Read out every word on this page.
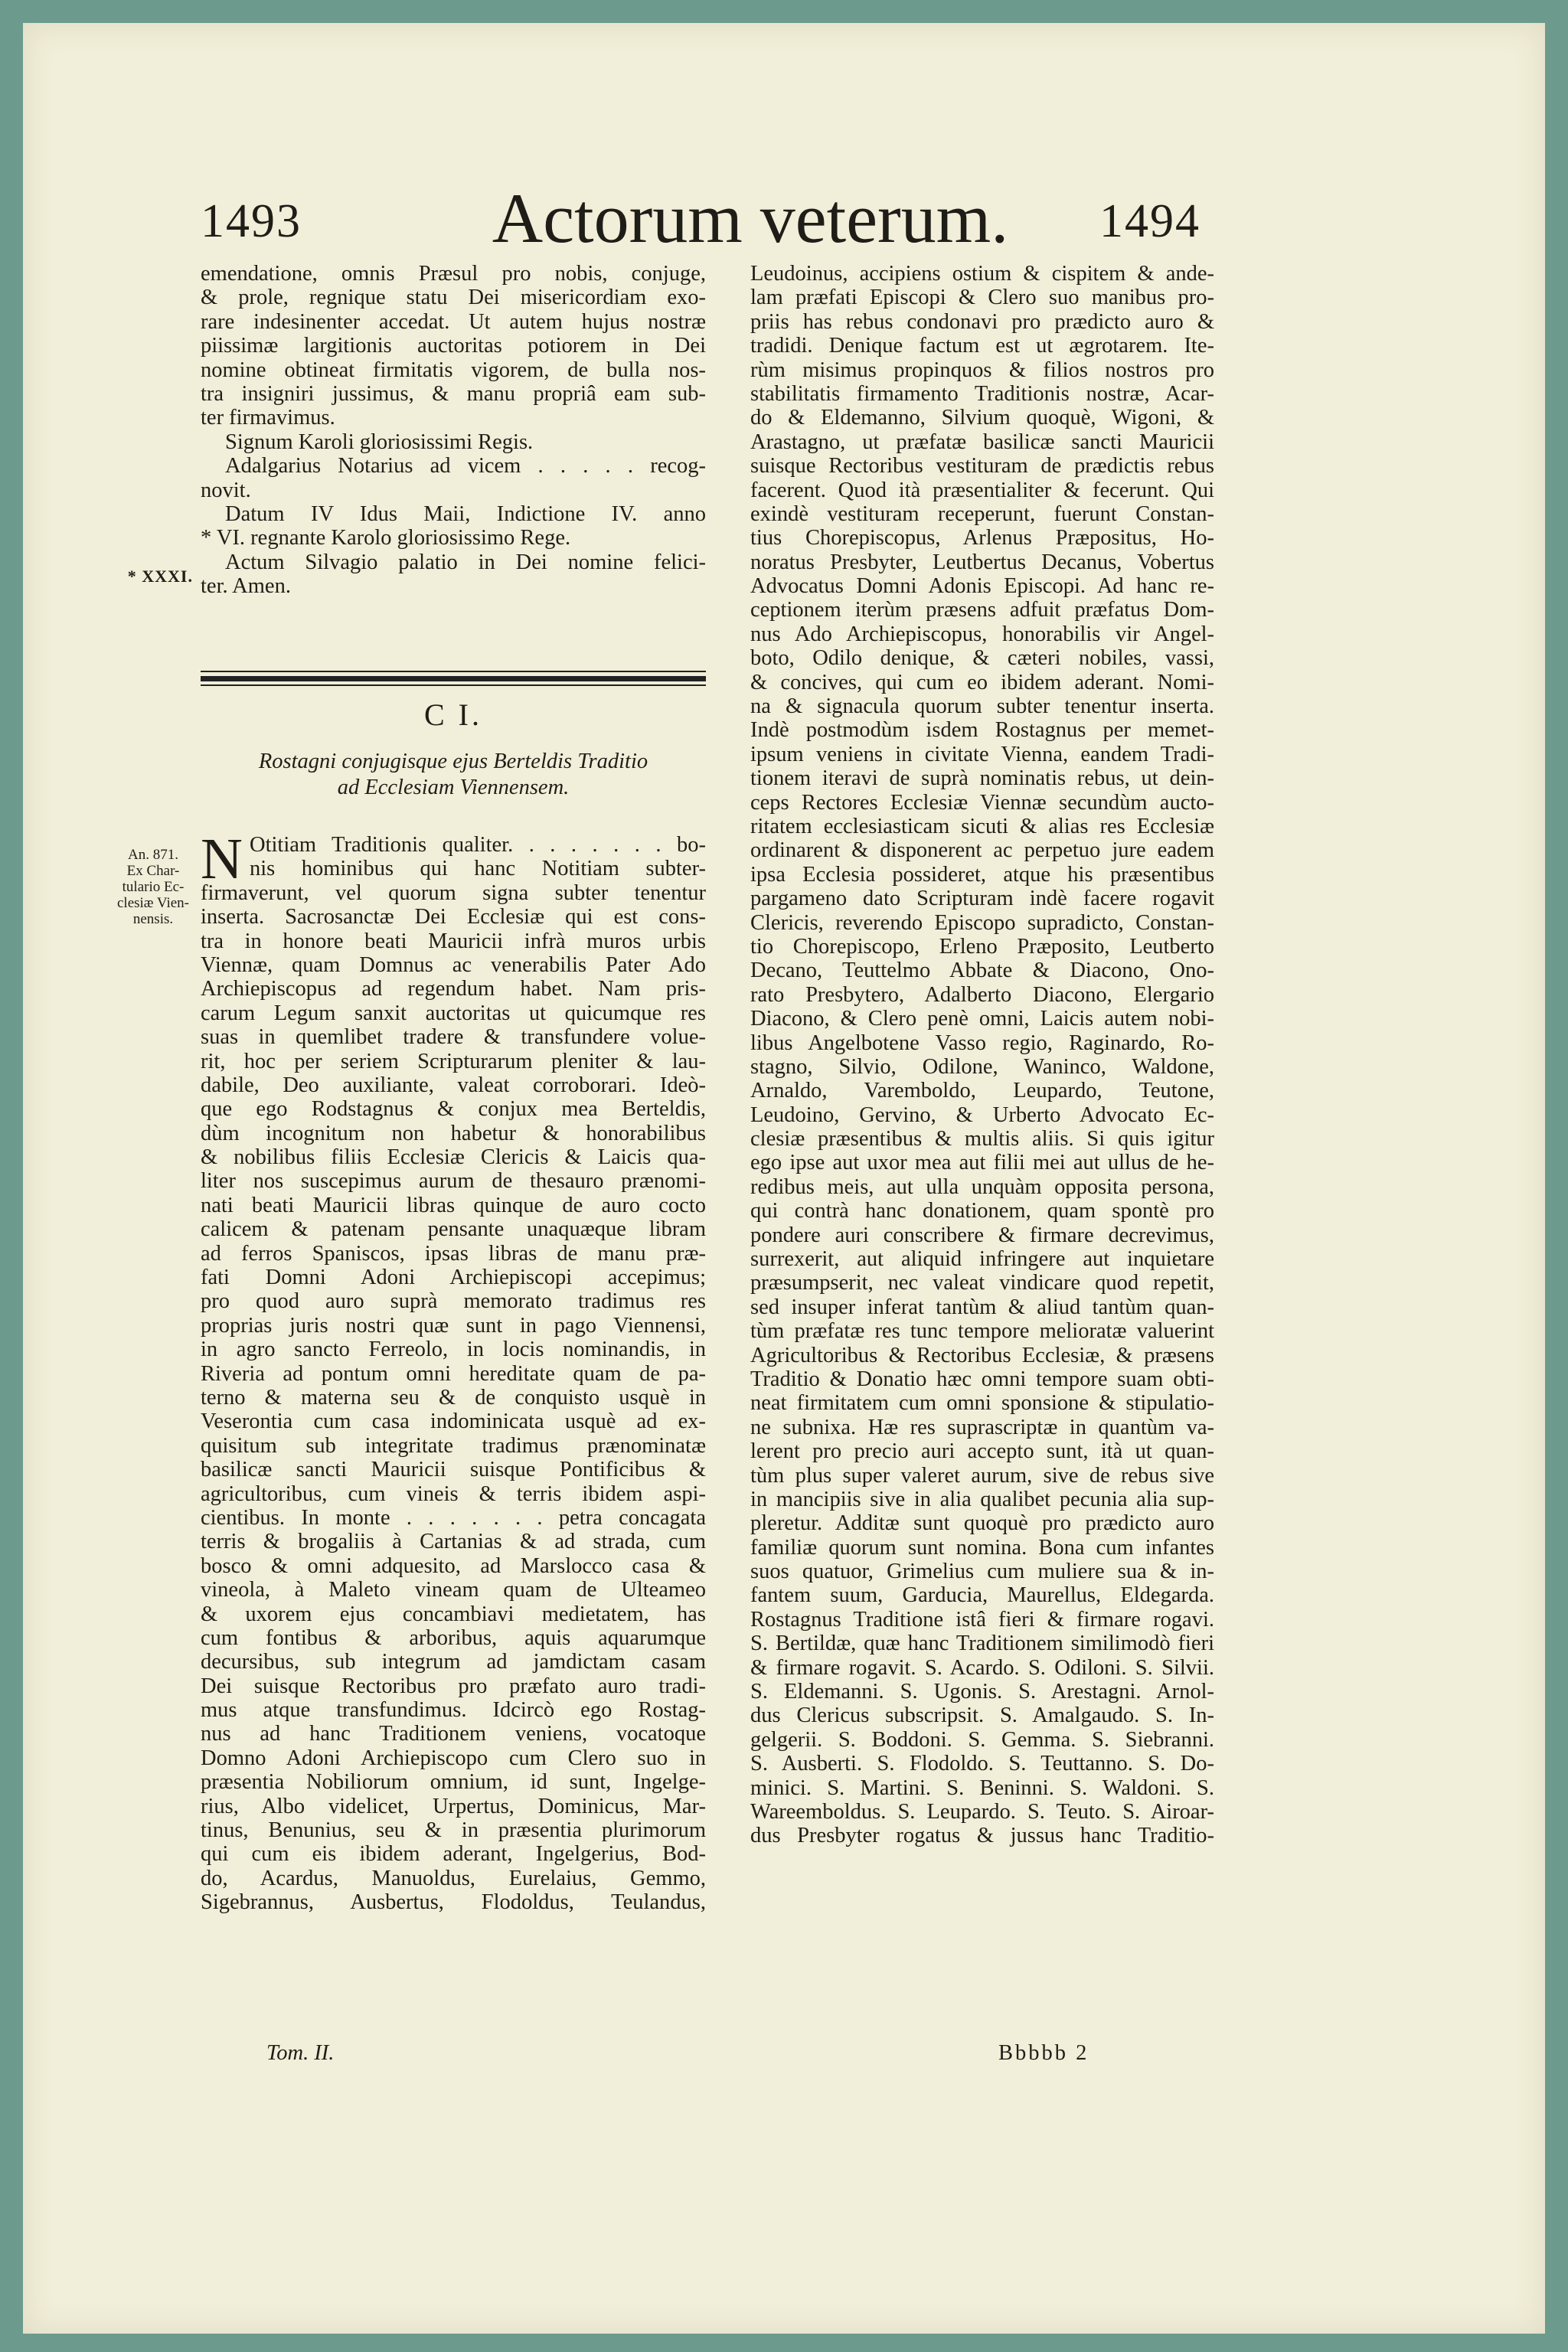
1493	Actorum veterum.	1494
* XXXI.
An. 871.
Ex Char-
tulario Ec-
clesiæ Vien-
nensis.
emendatione, omnis Præsul pro nobis, conjuge,
& prole, regnique statu Dei misericordiam exo-
rare indesinenter accedat. Ut autem hujus nostræ
piissimæ largitionis auctoritas potiorem in Dei
nomine obtineat firmitatis vigorem, de bulla nos-
tra insigniri jussimus, & manu propriâ eam sub-
ter firmavimus.
Signum Karoli gloriosissimi Regis.
Adalgarius Notarius ad vicem . . . . . recog-
novit.
Datum IV Idus Maii, Indictione IV. anno
* VI. regnante Karolo gloriosissimo Rege.
Actum Silvagio palatio in Dei nomine felici-
ter. Amen.
C I.
Rostagni conjugisque ejus Berteldis Traditio
ad Ecclesiam Viennensem.
N Otitiam Traditionis qualiter. . . . . . . . bo-
nis hominibus qui hanc Notitiam subter-
firmaverunt, vel quorum signa subter tenentur
inserta. Sacrosanctæ Dei Ecclesiæ qui est cons-
tra in honore beati Mauricii infrà muros urbis
Viennæ, quam Domnus ac venerabilis Pater Ado
Archiepiscopus ad regendum habet. Nam pris-
carum Legum sanxit auctoritas ut quicumque res
suas in quemlibet tradere & transfundere volue-
rit, hoc per seriem Scripturarum pleniter & lau-
dabile, Deo auxiliante, valeat corroborari. Ideò-
que ego Rodstagnus & conjux mea Berteldis,
dùm incognitum non habetur & honorabilibus
& nobilibus filiis Ecclesiæ Clericis & Laicis qua-
liter nos suscepimus aurum de thesauro prænomi-
nati beati Mauricii libras quinque de auro cocto
calicem & patenam pensante unaquæque libram
ad ferros Spaniscos, ipsas libras de manu præ-
fati Domni Adoni Archiepiscopi accepimus;
pro quod auro suprà memorato tradimus res
proprias juris nostri quæ sunt in pago Viennensi,
in agro sancto Ferreolo, in locis nominandis, in
Riveria ad pontum omni hereditate quam de pa-
terno & materna seu & de conquisto usquè in
Veserontia cum casa indominicata usquè ad ex-
quisitum sub integritate tradimus prænominatæ
basilicæ sancti Mauricii suisque Pontificibus &
agricultoribus, cum vineis & terris ibidem aspi-
cientibus. In monte . . . . . . . petra concagata
terris & brogaliis à Cartanias & ad strada, cum
bosco & omni adquesito, ad Marslocco casa &
vineola, à Maleto vineam quam de Ulteameo
& uxorem ejus concambiavi medietatem, has
cum fontibus & arboribus, aquis aquarumque
decursibus, sub integrum ad jamdictam casam
Dei suisque Rectoribus pro præfato auro tradi-
mus atque transfundimus. Idcircò ego Rostag-
nus ad hanc Traditionem veniens, vocatoque
Domno Adoni Archiepiscopo cum Clero suo in
præsentia Nobiliorum omnium, id sunt, Ingelge-
rius, Albo videlicet, Urpertus, Dominicus, Mar-
tinus, Benunius, seu & in præsentia plurimorum
qui cum eis ibidem aderant, Ingelgerius, Bod-
do, Acardus, Manuoldus, Eurelaius, Gemmo,
Sigebrannus, Ausbertus, Flodoldus, Teulandus,
Leudoinus, accipiens ostium & cispitem & ande-
lam præfati Episcopi & Clero suo manibus pro-
priis has rebus condonavi pro prædicto auro &
tradidi. Denique factum est ut ægrotarem. Ite-
rùm misimus propinquos & filios nostros pro
stabilitatis firmamento Traditionis nostræ, Acar-
do & Eldemanno, Silvium quoquè, Wigoni, &
Arastagno, ut præfatæ basilicæ sancti Mauricii
suisque Rectoribus vestituram de prædictis rebus
facerent. Quod ità præsentialiter & fecerunt. Qui
exindè vestituram receperunt, fuerunt Constan-
tius Chorepiscopus, Arlenus Præpositus, Ho-
noratus Presbyter, Leutbertus Decanus, Vobertus
Advocatus Domni Adonis Episcopi. Ad hanc re-
ceptionem iterùm præsens adfuit præfatus Dom-
nus Ado Archiepiscopus, honorabilis vir Angel-
boto, Odilo denique, & cæteri nobiles, vassi,
& concives, qui cum eo ibidem aderant. Nomi-
na & signacula quorum subter tenentur inserta.
Indè postmodùm isdem Rostagnus per memet-
ipsum veniens in civitate Vienna, eandem Tradi-
tionem iteravi de suprà nominatis rebus, ut dein-
ceps Rectores Ecclesiæ Viennæ secundùm aucto-
ritatem ecclesiasticam sicuti & alias res Ecclesiæ
ordinarent & disponerent ac perpetuo jure eadem
ipsa Ecclesia possideret, atque his præsentibus
pargameno dato Scripturam indè facere rogavit
Clericis, reverendo Episcopo supradicto, Constan-
tio Chorepiscopo, Erleno Præposito, Leutberto
Decano, Teuttelmo Abbate & Diacono, Ono-
rato Presbytero, Adalberto Diacono, Elergario
Diacono, & Clero penè omni, Laicis autem nobi-
libus Angelbotene Vasso regio, Raginardo, Ro-
stagno, Silvio, Odilone, Waninco, Waldone,
Arnaldo, Varemboldo, Leupardo, Teutone,
Leudoino, Gervino, & Urberto Advocato Ec-
clesiæ præsentibus & multis aliis. Si quis igitur
ego ipse aut uxor mea aut filii mei aut ullus de he-
redibus meis, aut ulla unquàm opposita persona,
qui contrà hanc donationem, quam spontè pro
pondere auri conscribere & firmare decrevimus,
surrexerit, aut aliquid infringere aut inquietare
præsumpserit, nec valeat vindicare quod repetit,
sed insuper inferat tantùm & aliud tantùm quan-
tùm præfatæ res tunc tempore melioratæ valuerint
Agricultoribus & Rectoribus Ecclesiæ, & præsens
Traditio & Donatio hæc omni tempore suam obti-
neat firmitatem cum omni sponsione & stipulatio-
ne subnixa. Hæ res suprascriptæ in quantùm va-
lerent pro precio auri accepto sunt, ità ut quan-
tùm plus super valeret aurum, sive de rebus sive
in mancipiis sive in alia qualibet pecunia alia sup-
pleretur. Additæ sunt quoquè pro prædicto auro
familiæ quorum sunt nomina. Bona cum infantes
suos quatuor, Grimelius cum muliere sua & in-
fantem suum, Garducia, Maurellus, Eldegarda.
Rostagnus Traditione istâ fieri & firmare rogavi.
S. Bertildæ, quæ hanc Traditionem similimodò fieri
& firmare rogavit. S. Acardo. S. Odiloni. S. Silvii.
S. Eldemanni. S. Ugonis. S. Arestagni. Arnol-
dus Clericus subscripsit. S. Amalgaudo. S. In-
gelgerii. S. Boddoni. S. Gemma. S. Siebranni.
S. Ausberti. S. Flodoldo. S. Teuttanno. S. Do-
minici. S. Martini. S. Beninni. S. Waldoni. S.
Wareemboldus. S. Leupardo. S. Teuto. S. Airoar-
dus Presbyter rogatus & jussus hanc Traditio-
Tom. II.	Bbbbb 2
